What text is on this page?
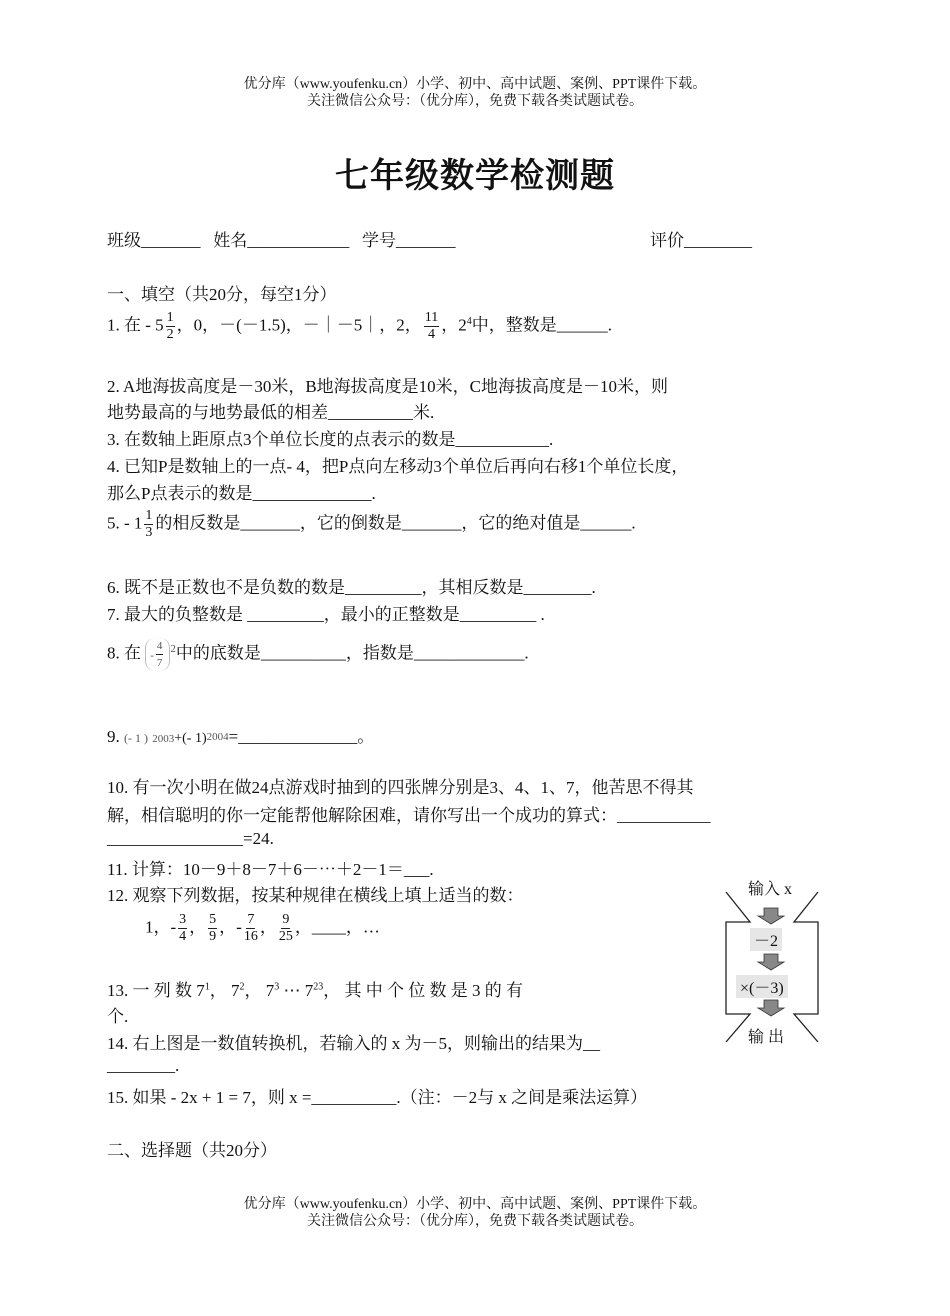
优分库（www.youfenku.cn）小学、初中、高中试题、案例、PPT课件下载。
关注微信公众号：（优分库），免费下载各类试题试卷。
七年级数学检测题
班级_______ 姓名____________ 学号_______	评价________
一、填空（共20分，每空1分）
1. 在 - $5 \frac{1}{2}$ ，0，－(－1.5)，－｜－5｜，2， $\frac{11}{4}$ ，$2^4$中，整数是______.
2. A地海拔高度是－30米，B地海拔高度是10米，C地海拔高度是－10米，则
地势最高的与地势最低的相差__________米.
3. 在数轴上距原点3个单位长度的点表示的数是___________.
4. 已知P是数轴上的一点- 4，把P点向左移动3个单位后再向右移1个单位长度，
那么P点表示的数是______________.
5. - $1 \frac{1}{3}$ 的相反数是_______，它的倒数是_______，它的绝对值是______.
6. 既不是正数也不是负数的数是_________，其相反数是________.
7. 最大的负整数是 _________，最小的正整数是_________ .
8. 在 - $\frac{4}{7} ^2$中的底数是__________，指数是_____________.
9. (- 1 ) 2003+(- 1)2004=______________。
10. 有一次小明在做24点游戏时抽到的四张牌分别是3、4、1、7，他苦思不得其
解，相信聪明的你一定能帮他解除困难，请你写出一个成功的算式：___________
________________=24.
11. 计算：10－9＋8－7＋6－⋯＋2－1＝___.
12. 观察下列数据，按某种规律在横线上填上适当的数：
1，- $\frac{3}{4}$ ， $\frac{5}{9}$ ，- $\frac{7}{16}$ ， $\frac{9}{25}$ ，____，…
13. 一 列 数 $7^1$， $7^2$， $7^3$ ⋯ $7^{23}$， 其 中 个 位 数 是 3 的 有
个.
14. 右上图是一数值转换机，若输入的 x 为－5，则输出的结果为__
________.
15. 如果 - 2x + 1 = 7，则 x =__________.（注：－2与 x 之间是乘法运算）
二、选择题（共20分）
输入 x
－2
×(－3)
输 出
优分库（www.youfenku.cn）小学、初中、高中试题、案例、PPT课件下载。
关注微信公众号：（优分库），免费下载各类试题试卷。
